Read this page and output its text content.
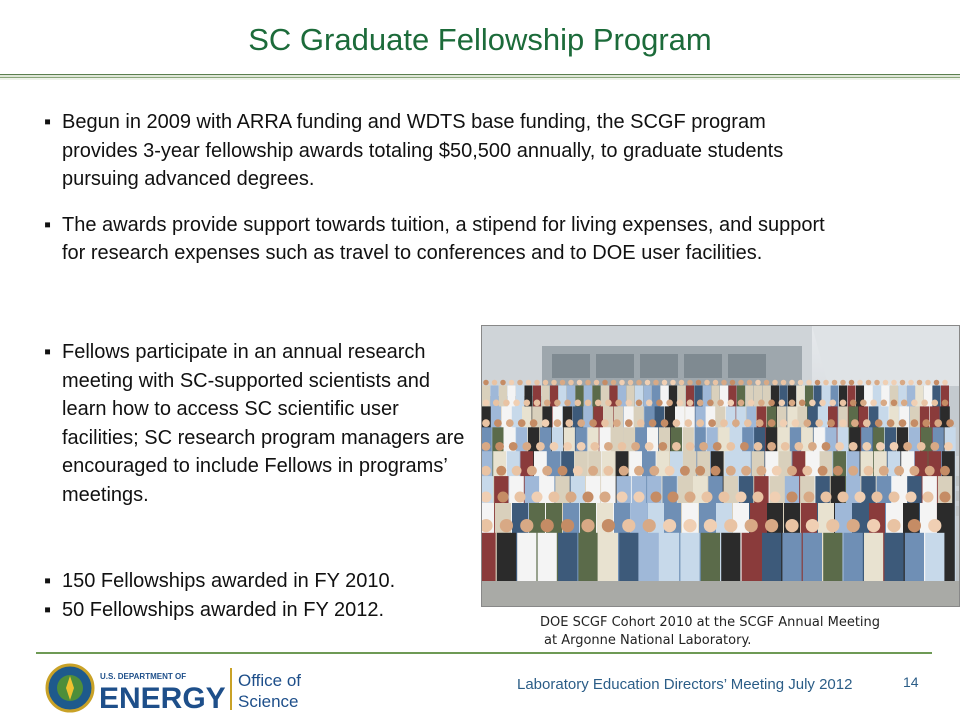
SC Graduate Fellowship Program
▪ Begun in 2009 with ARRA funding and WDTS base funding, the SCGF program provides 3-year fellowship awards totaling $50,500 annually, to graduate students pursuing advanced degrees.
▪ The awards provide support towards tuition, a stipend for living expenses, and support for research expenses such as travel to conferences and to DOE user facilities.
▪ Fellows participate in an annual research meeting with SC-supported scientists and learn how to access SC scientific user facilities; SC research program managers are encouraged to include Fellows in programs’ meetings.
▪ 150 Fellowships awarded in FY 2010.
▪ 50 Fellowships awarded in FY 2012.
DOE SCGF Cohort 2010 at the SCGF Annual Meeting
at Argonne National Laboratory.
U.S. DEPARTMENT OF
ENERGY
Office of
Science
Laboratory Education Directors’ Meeting July 2012	14
